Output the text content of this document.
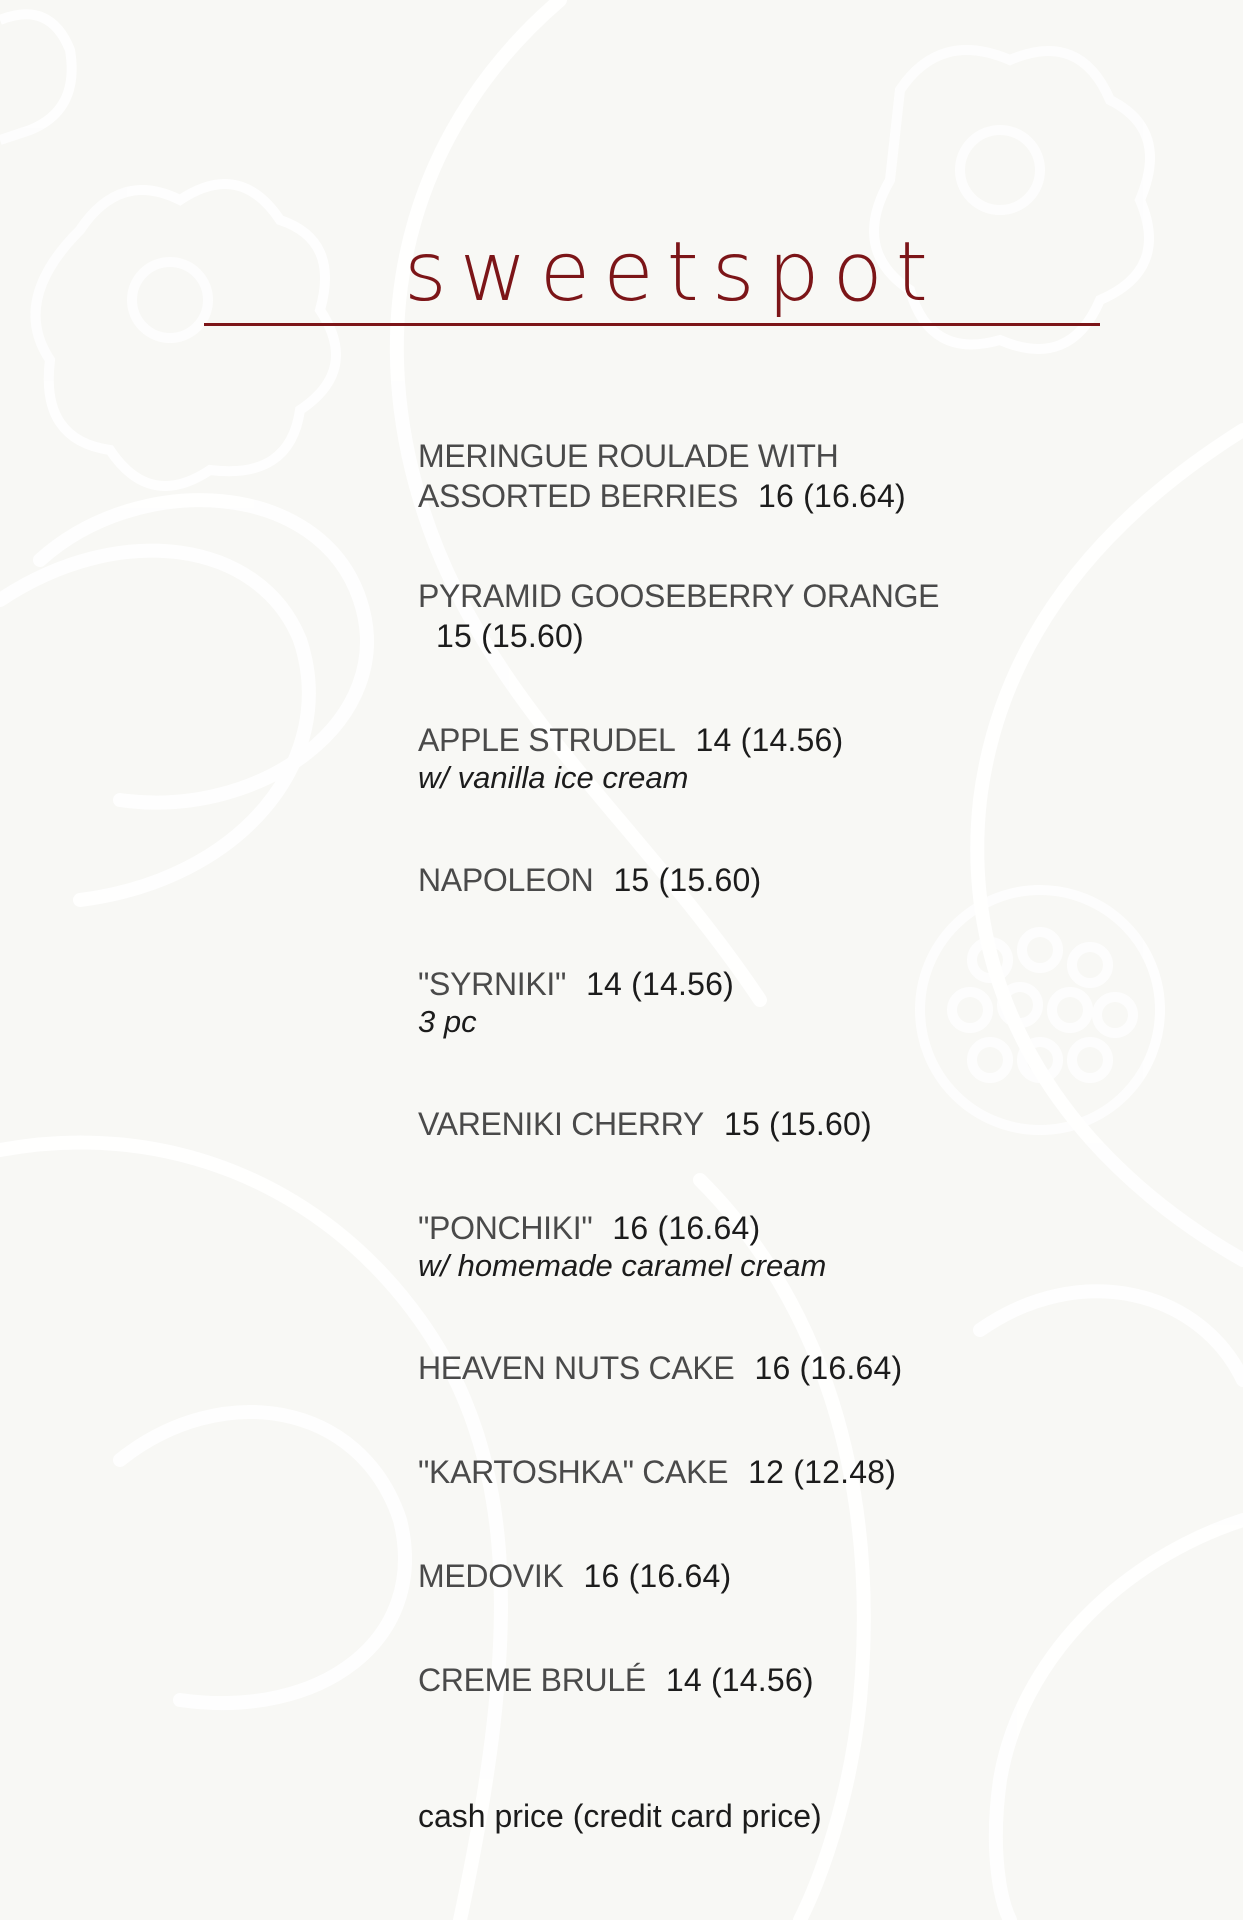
sweetspot
MERINGUE ROULADE WITH
ASSORTED BERRIES 16 (16.64)
PYRAMID GOOSEBERRY ORANGE
15 (15.60)
APPLE STRUDEL 14 (14.56)
w/ vanilla ice cream
NAPOLEON 15 (15.60)
"SYRNIKI" 14 (14.56)
3 pc
VARENIKI CHERRY 15 (15.60)
"PONCHIKI" 16 (16.64)
w/ homemade caramel cream
HEAVEN NUTS CAKE 16 (16.64)
"KARTOSHKA" CAKE 12 (12.48)
MEDOVIK 16 (16.64)
CREME BRULÉ 14 (14.56)
cash price (credit card price)
